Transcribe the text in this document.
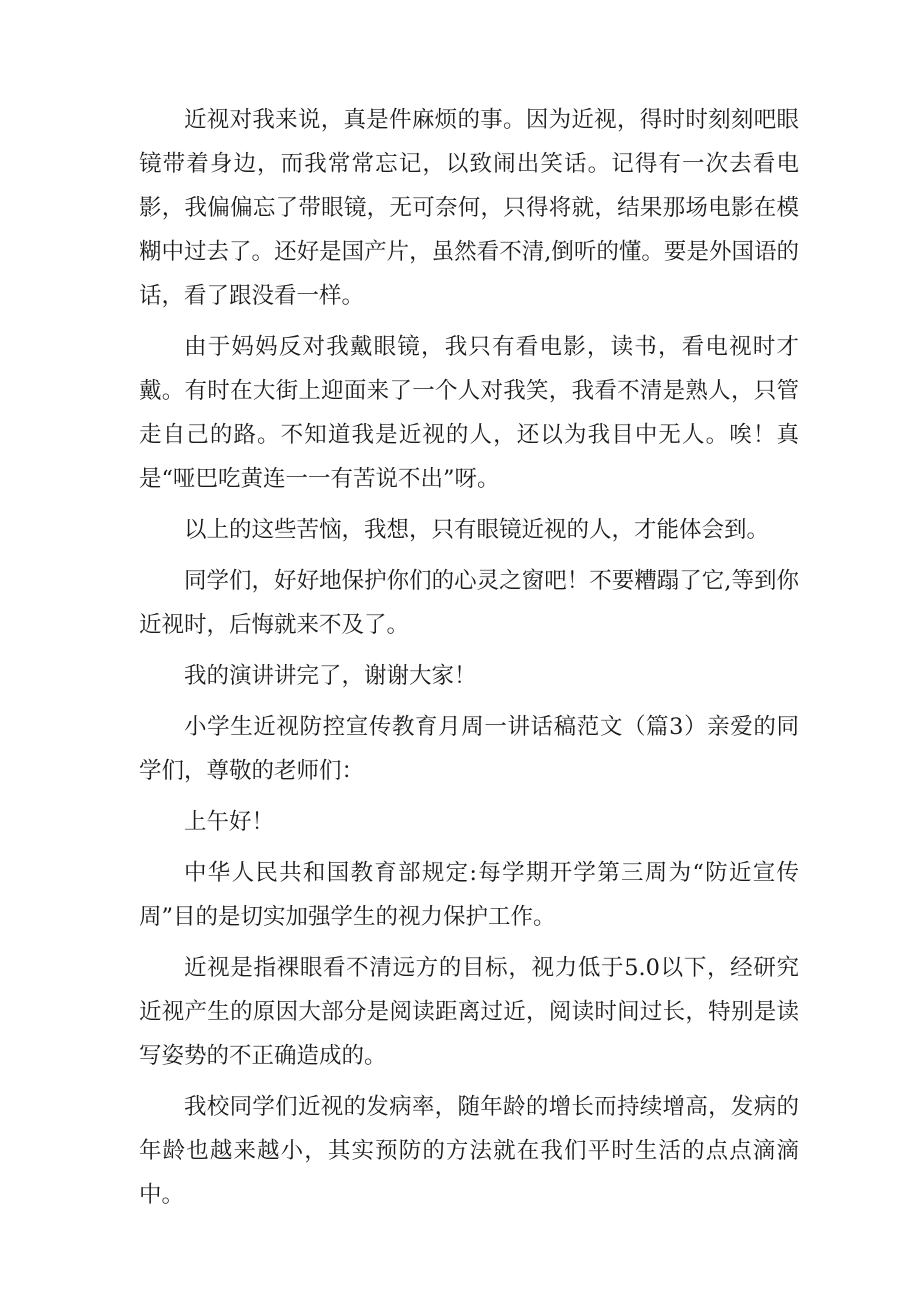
近视对我来说，真是件麻烦的事。因为近视，得时时刻刻吧眼镜带着身边，而我常常忘记，以致闹出笑话。记得有一次去看电影，我偏偏忘了带眼镜，无可奈何，只得将就，结果那场电影在模糊中过去了。还好是国产片，虽然看不清,倒听的懂。要是外国语的话，看了跟没看一样。

由于妈妈反对我戴眼镜，我只有看电影，读书，看电视时才戴。有时在大街上迎面来了一个人对我笑，我看不清是熟人，只管走自己的路。不知道我是近视的人，还以为我目中无人。唉！真是“哑巴吃黄连一一有苦说不出”呀。

以上的这些苦恼，我想，只有眼镜近视的人，才能体会到。

同学们，好好地保护你们的心灵之窗吧！不要糟蹋了它,等到你近视时，后悔就来不及了。

我的演讲讲完了，谢谢大家！

小学生近视防控宣传教育月周一讲话稿范文（篇3）亲爱的同学们，尊敬的老师们：

上午好！

中华人民共和国教育部规定:每学期开学第三周为“防近宣传周”目的是切实加强学生的视力保护工作。

近视是指裸眼看不清远方的目标，视力低于5.0以下，经研究近视产生的原因大部分是阅读距离过近，阅读时间过长，特别是读写姿势的不正确造成的。

我校同学们近视的发病率，随年龄的增长而持续增高，发病的年龄也越来越小，其实预防的方法就在我们平时生活的点点滴滴中。
